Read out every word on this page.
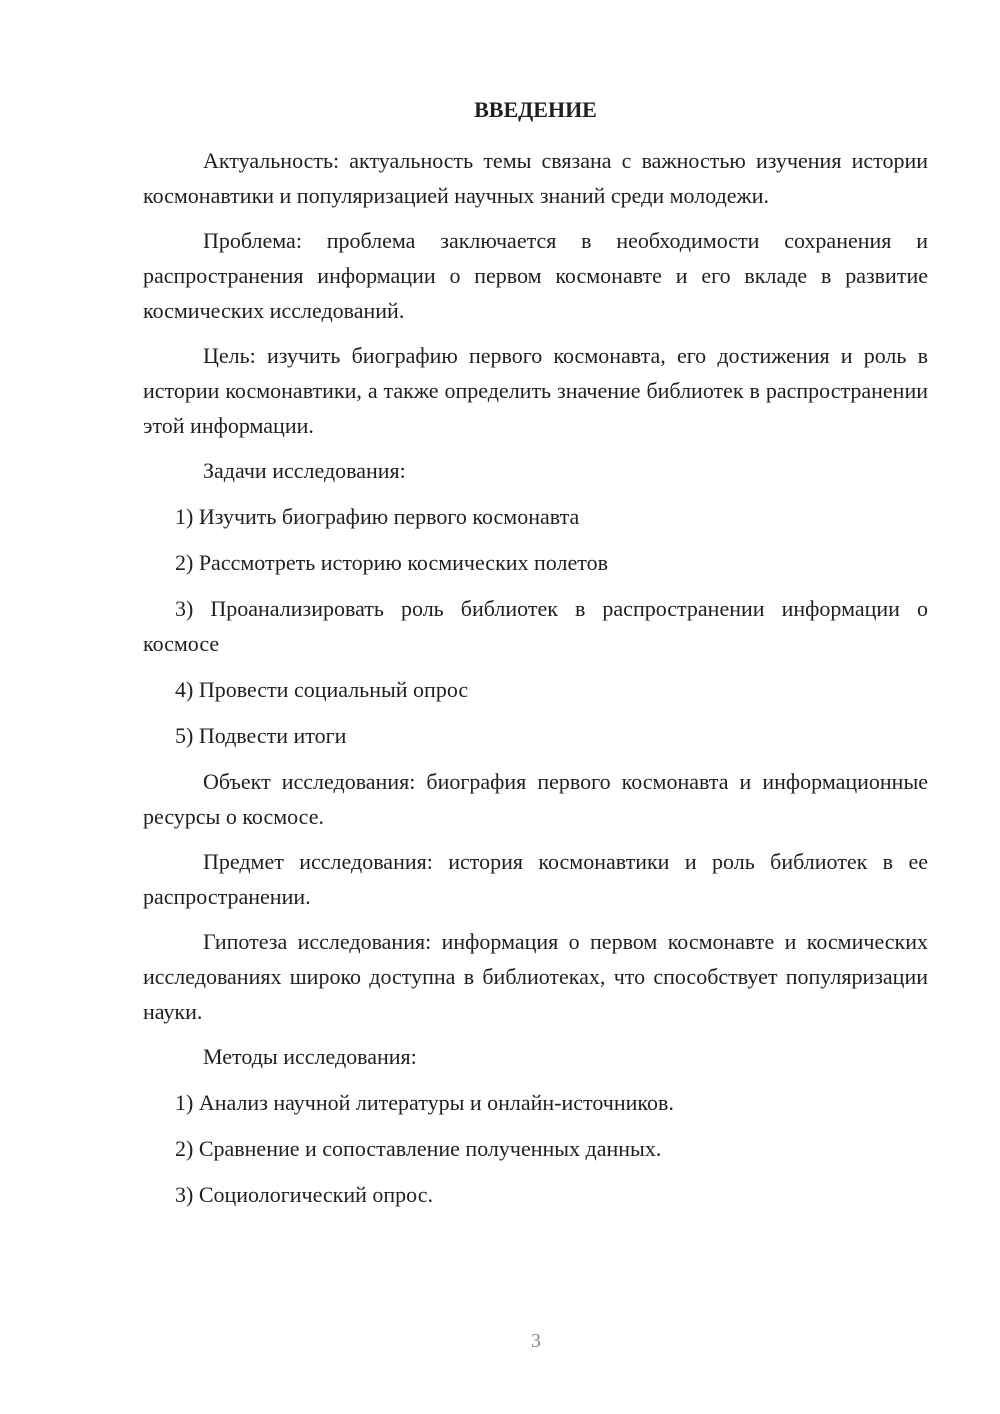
ВВЕДЕНИЕ

Актуальность: актуальность темы связана с важностью изучения истории космонавтики и популяризацией научных знаний среди молодежи.

Проблема: проблема заключается в необходимости сохранения и распространения информации о первом космонавте и его вкладе в развитие космических исследований.

Цель: изучить биографию первого космонавта, его достижения и роль в истории космонавтики, а также определить значение библиотек в распространении этой информации.

Задачи исследования:

1) Изучить биографию первого космонавта

2) Рассмотреть историю космических полетов

3) Проанализировать роль библиотек в распространении информации о космосе

4) Провести социальный опрос

5) Подвести итоги

Объект исследования: биография первого космонавта и информационные ресурсы о космосе.

Предмет исследования: история космонавтики и роль библиотек в ее распространении.

Гипотеза исследования: информация о первом космонавте и космических исследованиях широко доступна в библиотеках, что способствует популяризации науки.

Методы исследования:

1) Анализ научной литературы и онлайн-источников.

2) Сравнение и сопоставление полученных данных.

3) Социологический опрос.

3
